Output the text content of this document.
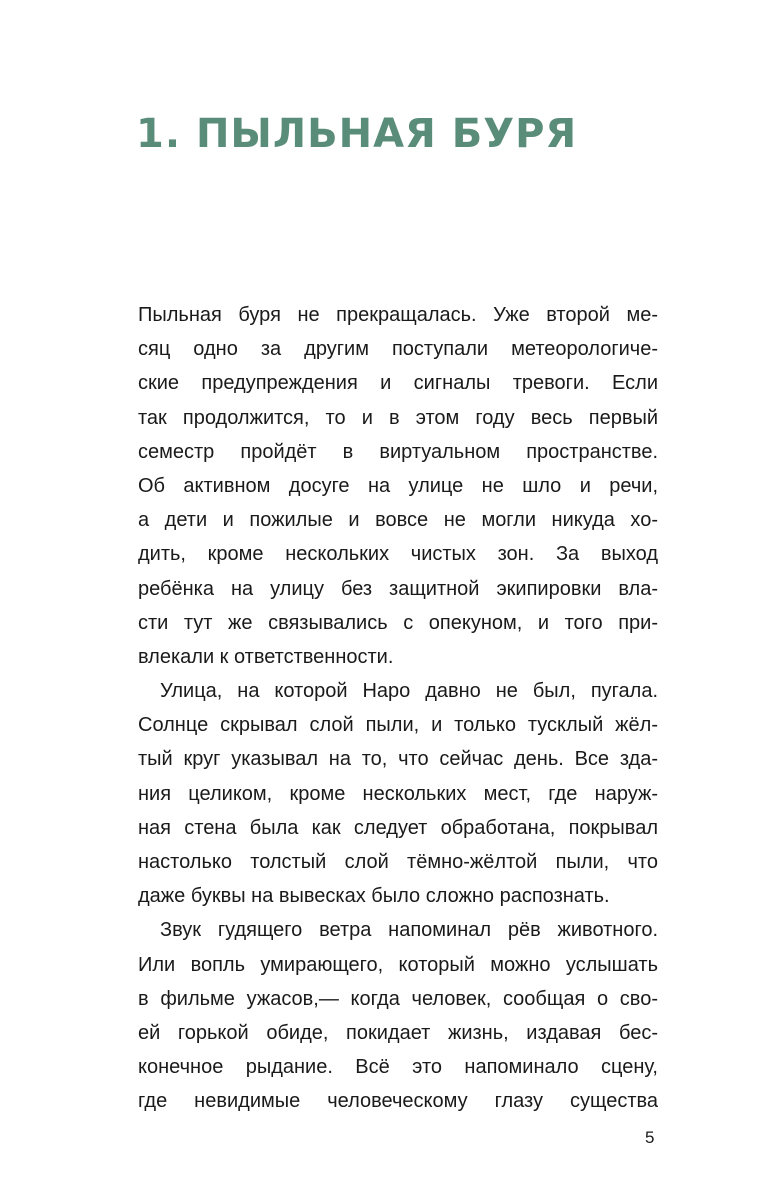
1. ПЫЛЬНАЯ БУРЯ
Пыльная буря не прекращалась. Уже второй ме-
сяц одно за другим поступали метеорологиче-
ские предупреждения и сигналы тревоги. Если
так продолжится, то и в этом году весь первый
семестр пройдёт в виртуальном пространстве.
Об активном досуге на улице не шло и речи,
а дети и пожилые и вовсе не могли никуда хо-
дить, кроме нескольких чистых зон. За выход
ребёнка на улицу без защитной экипировки вла-
сти тут же связывались с опекуном, и того при-
влекали к ответственности.
Улица, на которой Наро давно не был, пугала.
Солнце скрывал слой пыли, и только тусклый жёл-
тый круг указывал на то, что сейчас день. Все зда-
ния целиком, кроме нескольких мест, где наруж-
ная стена была как следует обработана, покрывал
настолько толстый слой тёмно-жёлтой пыли, что
даже буквы на вывесках было сложно распознать.
Звук гудящего ветра напоминал рёв животного.
Или вопль умирающего, который можно услышать
в фильме ужасов,— когда человек, сообщая о сво-
ей горькой обиде, покидает жизнь, издавая бес-
конечное рыдание. Всё это напоминало сцену,
где невидимые человеческому глазу существа
5
